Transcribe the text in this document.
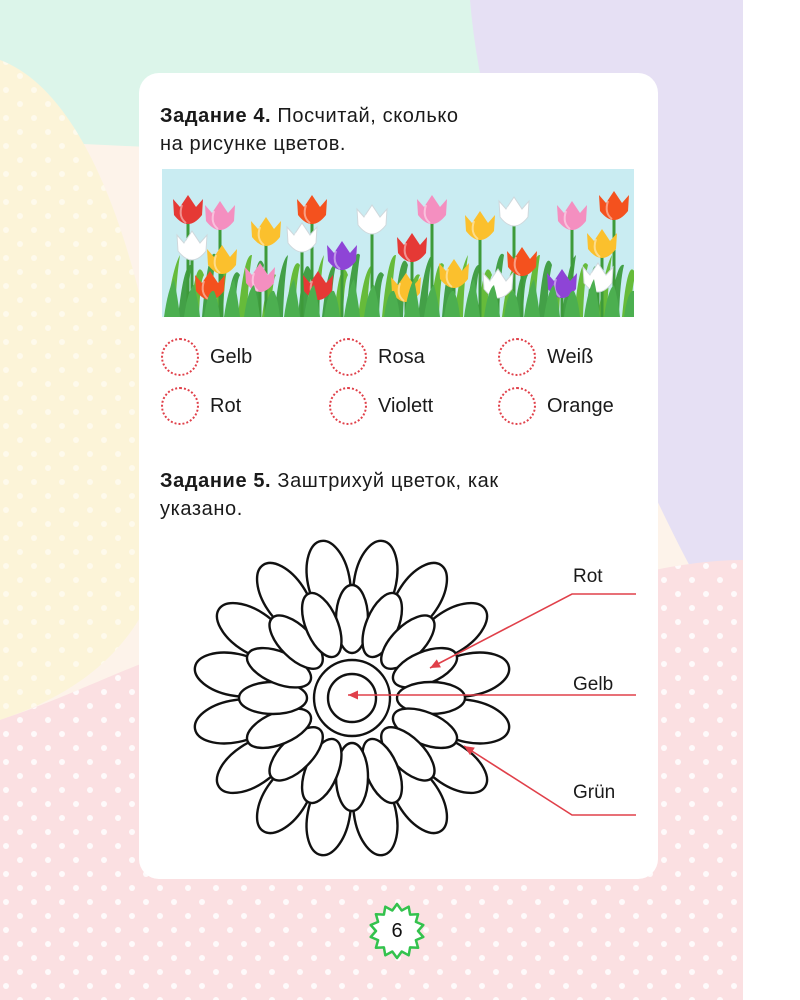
Задание 4. Посчитай, сколько
на рисунке цветов.
Gelb	Rosa	Weiß
Rot	Violett	Orange
Задание 5. Заштрихуй цветок, как
указано.
Rot
Gelb
Grün
6
